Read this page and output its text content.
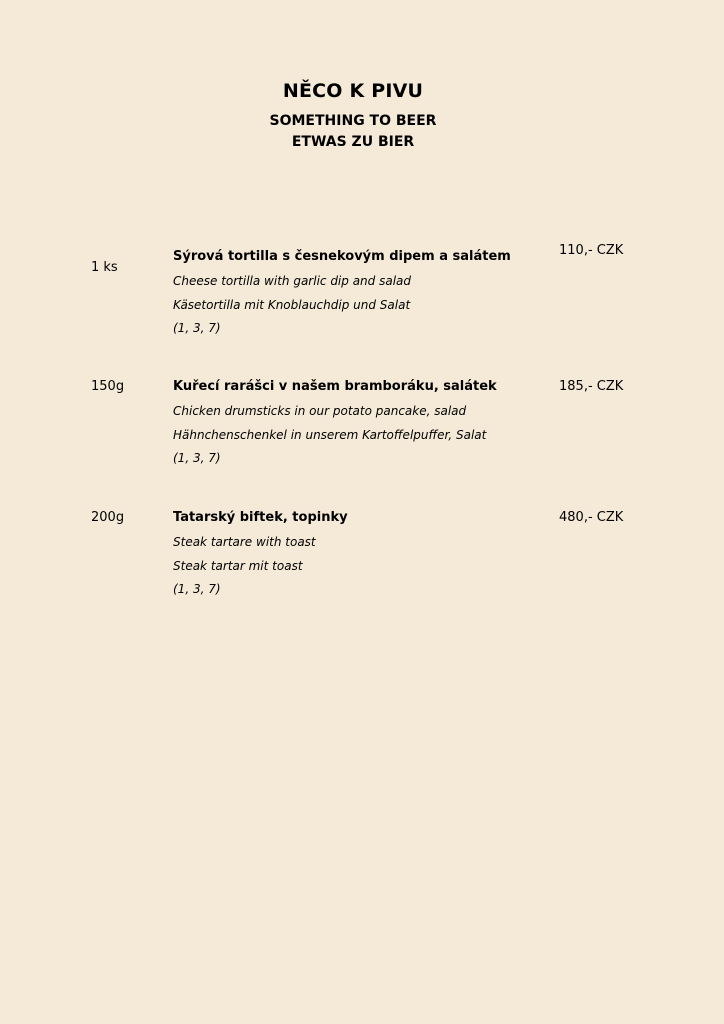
NĚCO K PIVU
SOMETHING TO BEER
ETWAS ZU BIER
1 ks
Sýrová tortilla s česnekovým dipem a salátem
Cheese tortilla with garlic dip and salad
Käsetortilla mit Knoblauchdip und Salat
(1, 3, 7)
110,- CZK
150g	Kuřecí rarášci v našem bramboráku, salátek
Chicken drumsticks in our potato pancake, salad
Hähnchenschenkel in unserem Kartoffelpuffer, Salat
(1, 3, 7)
185,- CZK
200g	Tatarský biftek, topinky
Steak tartare with toast
Steak tartar mit toast
(1, 3, 7)
480,- CZK
